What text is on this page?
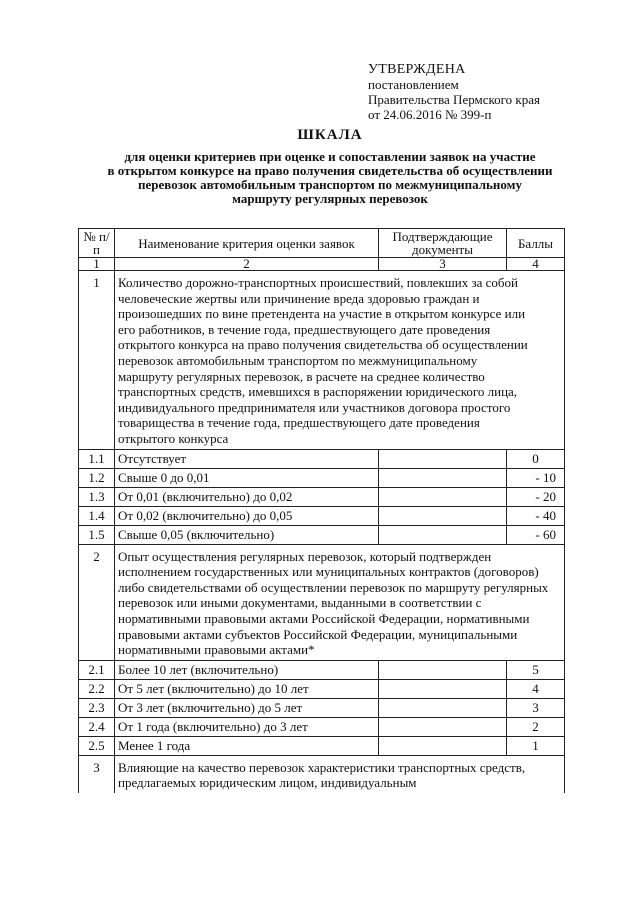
УТВЕРЖДЕНА
постановлением
Правительства Пермского края
от 24.06.2016 № 399-п
ШКАЛА
для оценки критериев при оценке и сопоставлении заявок на участие
в открытом конкурсе на право получения свидетельства об осуществлении
перевозок автомобильным транспортом по межмуниципальному
маршруту регулярных перевозок
№ п/п	Наименование критерия оценки заявок	Подтверждающие документы	Баллы
1	2	3	4
1	Количество дорожно-транспортных происшествий, повлекших за собой человеческие жертвы или причинение вреда здоровью граждан и произошедших по вине претендента на участие в открытом конкурсе или его работников, в течение года, предшествующего дате проведения открытого конкурса на право получения свидетельства об осуществлении перевозок автомобильным транспортом по межмуниципальному маршруту регулярных перевозок, в расчете на среднее количество транспортных средств, имевшихся в распоряжении юридического лица, индивидуального предпринимателя или участников договора простого товарищества в течение года, предшествующего дате проведения открытого конкурса		
1.1	Отсутствует		0
1.2	Свыше 0 до 0,01		- 10
1.3	От 0,01 (включительно) до 0,02		- 20
1.4	От 0,02 (включительно) до 0,05		- 40
1.5	Свыше 0,05 (включительно)		- 60
2	Опыт осуществления регулярных перевозок, который подтвержден исполнением государственных или муниципальных контрактов (договоров) либо свидетельствами об осуществлении перевозок по маршруту регулярных перевозок или иными документами, выданными в соответствии с нормативными правовыми актами Российской Федерации, нормативными правовыми актами субъектов Российской Федерации, муниципальными нормативными правовыми актами*		
2.1	Более 10 лет (включительно)		5
2.2	От 5 лет (включительно) до 10 лет		4
2.3	От 3 лет (включительно) до 5 лет		3
2.4	От 1 года (включительно) до 3 лет		2
2.5	Менее 1 года		1
3	Влияющие на качество перевозок характеристики транспортных средств, предлагаемых юридическим лицом, индивидуальным		
